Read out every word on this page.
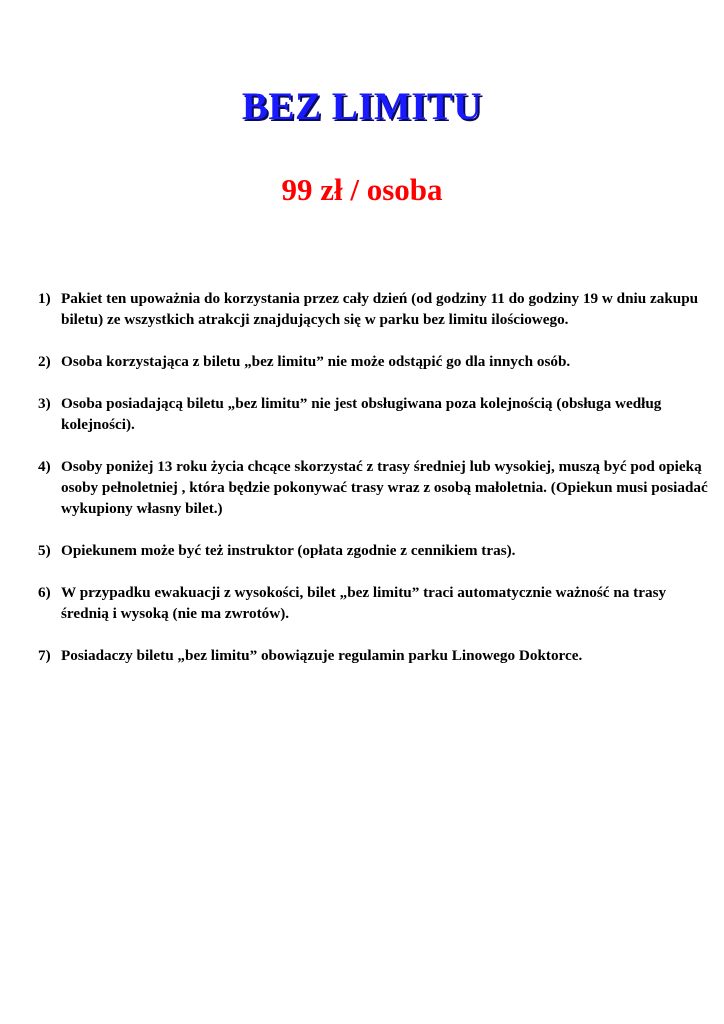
BEZ LIMITU

99 zł / osoba

1) Pakiet ten upoważnia do korzystania przez cały dzień (od godziny 11 do godziny 19 w dniu zakupu biletu) ze wszystkich atrakcji znajdujących się w parku bez limitu ilościowego.
2) Osoba korzystająca z biletu „bez limitu” nie może odstąpić go dla innych osób.
3) Osoba posiadającą biletu „bez limitu” nie jest obsługiwana poza kolejnością (obsługa według kolejności).
4) Osoby poniżej 13 roku życia chcące skorzystać z trasy średniej lub wysokiej, muszą być pod opieką osoby pełnoletniej , która będzie pokonywać trasy wraz z osobą małoletnia. (Opiekun musi posiadać wykupiony własny bilet.)
5) Opiekunem może być też instruktor (opłata zgodnie z cennikiem tras).
6) W przypadku ewakuacji z wysokości, bilet „bez limitu” traci automatycznie ważność na trasy średnią i wysoką (nie ma zwrotów).
7) Posiadaczy biletu „bez limitu” obowiązuje regulamin parku Linowego Doktorce.
